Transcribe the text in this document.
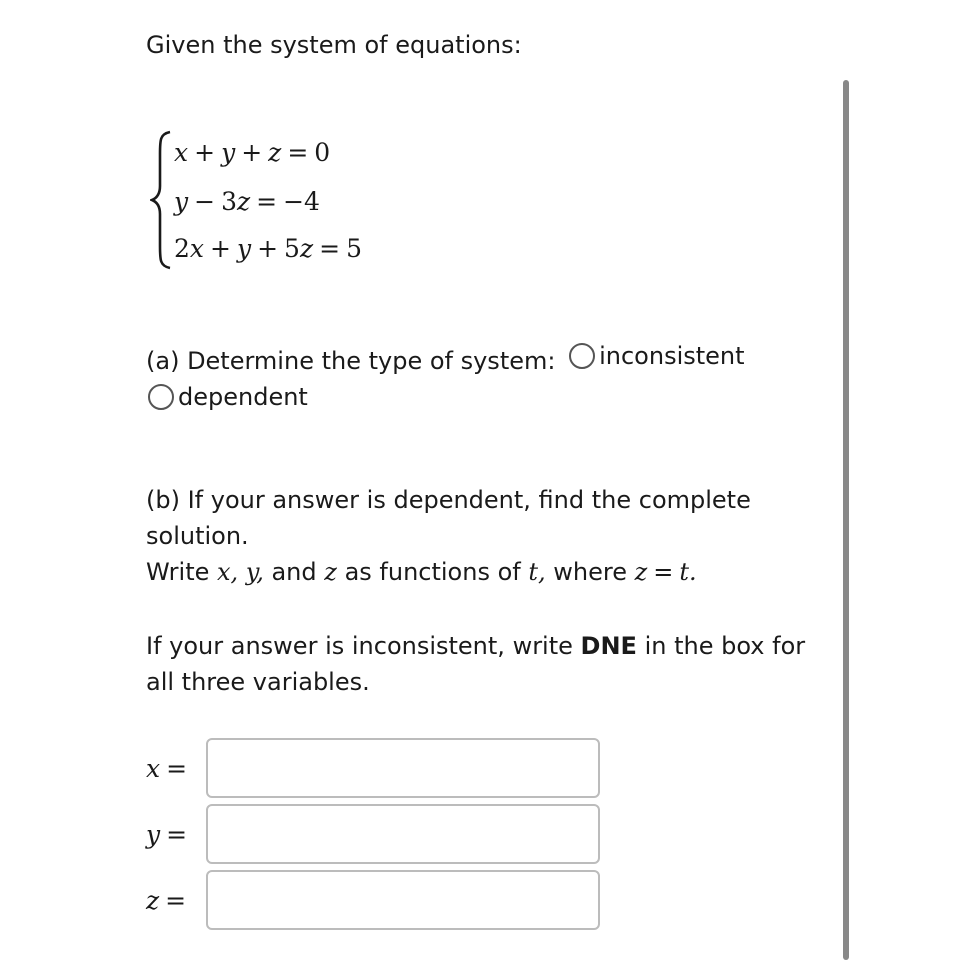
Given the system of equations:
x + y + z = 0
y − 3z = −4
2x + y + 5z = 5
(a) Determine the type of system: inconsistent
dependent

(b) If your answer is dependent, find the complete solution.

Write x, y, and z as functions of t, where z = t.

If your answer is inconsistent, write DNE in the box for all three variables.

x =
y =
z =
